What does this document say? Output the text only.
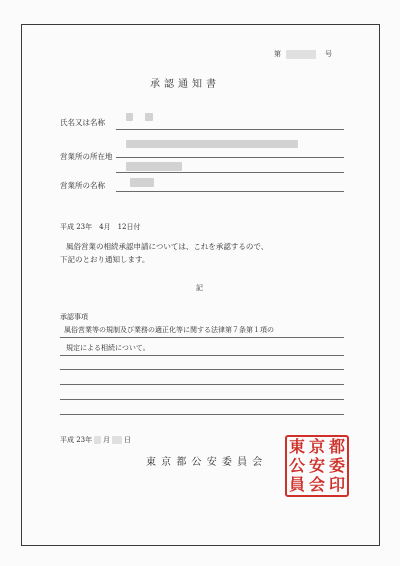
第	号
承認通知書
氏名又は名称
営業所の所在地
営業所の名称
平成 23年　4月　12日付
風俗営業の相続承認申請については、これを承認するので、
下記のとおり通知します。
記
承認事項
風俗営業等の規制及び業務の適正化等に関する法律第７条第１項の
規定による相続について。
平成 23年 月 日
東 京 都 公 安 委 員 会
東 京 都
公 安 委
員 会 印
